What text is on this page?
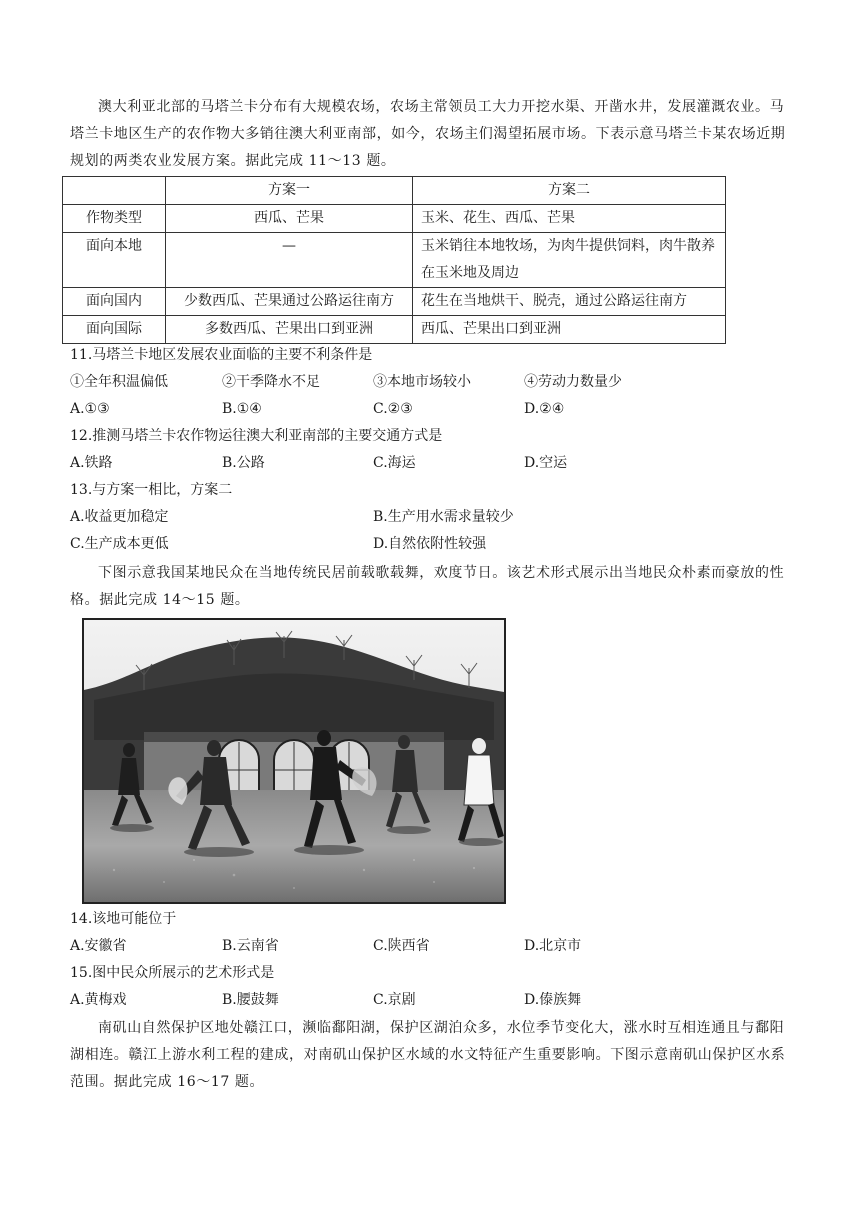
澳大利亚北部的马塔兰卡分布有大规模农场，农场主常领员工大力开挖水渠、开凿水井，发展灌溉农业。马塔兰卡地区生产的农作物大多销往澳大利亚南部，如今，农场主们渴望拓展市场。下表示意马塔兰卡某农场近期规划的两类农业发展方案。据此完成 11～13 题。
	方案一	方案二
作物类型	西瓜、芒果	玉米、花生、西瓜、芒果
面向本地	—	玉米销往本地牧场，为肉牛提供饲料，肉牛散养在玉米地及周边
面向国内	少数西瓜、芒果通过公路运往南方	花生在当地烘干、脱壳，通过公路运往南方
面向国际	多数西瓜、芒果出口到亚洲	西瓜、芒果出口到亚洲
11.马塔兰卡地区发展农业面临的主要不利条件是
①全年积温偏低	②干季降水不足	③本地市场较小	④劳动力数量少
A.①③	B.①④	C.②③	D.②④
12.推测马塔兰卡农作物运往澳大利亚南部的主要交通方式是
A.铁路	B.公路	C.海运	D.空运
13.与方案一相比，方案二
A.收益更加稳定	B.生产用水需求量较少
C.生产成本更低	D.自然依附性较强
下图示意我国某地民众在当地传统民居前载歌载舞，欢度节日。该艺术形式展示出当地民众朴素而豪放的性格。据此完成 14～15 题。
14.该地可能位于
A.安徽省	B.云南省	C.陕西省	D.北京市
15.图中民众所展示的艺术形式是
A.黄梅戏	B.腰鼓舞	C.京剧	D.傣族舞
南矶山自然保护区地处赣江口，濒临鄱阳湖，保护区湖泊众多，水位季节变化大，涨水时互相连通且与鄱阳湖相连。赣江上游水利工程的建成，对南矶山保护区水域的水文特征产生重要影响。下图示意南矶山保护区水系范围。据此完成 16～17 题。
